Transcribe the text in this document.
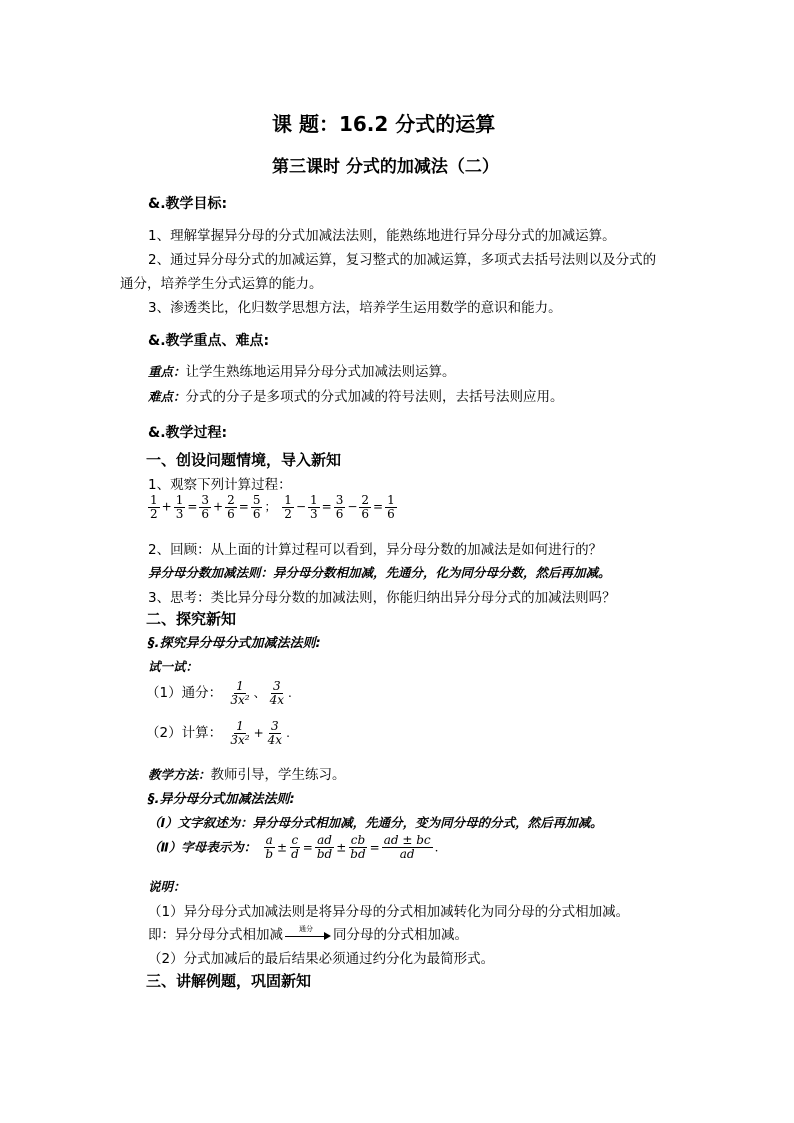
课 题：16.2 分式的运算
第三课时 分式的加减法（二）
&.教学目标:
1、理解掌握异分母的分式加减法法则，能熟练地进行异分母分式的加减运算。
2、通过异分母分式的加减运算，复习整式的加减运算，多项式去括号法则以及分式的
通分，培养学生分式运算的能力。
3、渗透类比，化归数学思想方法，培养学生运用数学的意识和能力。
&.教学重点、难点:
重点：让学生熟练地运用异分母分式加减法则运算。
难点：分式的分子是多项式的分式加减的符号法则，去括号法则应用。
&.教学过程:
一、创设问题情境，导入新知
1、观察下列计算过程：
$\frac{1}{2} + \frac{1}{3} = \frac{3}{6} + \frac{2}{6} = \frac{5}{6}$ ； $\frac{1}{2} - \frac{1}{3} = \frac{3}{6} - \frac{2}{6} = \frac{1}{6}$
2、回顾：从上面的计算过程可以看到，异分母分数的加减法是如何进行的？
异分母分数加减法则：异分母分数相加减，先通分，化为同分母分数，然后再加减。
3、思考：类比异分母分数的加减法则，你能归纳出异分母分式的加减法则吗？
二、探究新知
§.探究异分母分式加减法法则:
试一试：
（1）通分： $\frac{1}{\text{3x²}}$ 、 $\frac{3}{4x}$ .
（2）计算： $\frac{1}{\text{3x²}} + \frac{3}{4x}$ .
教学方法：教师引导，学生练习。
§.异分母分式加减法法则:
（Ⅰ）文字叙述为：异分母分式相加减，先通分，变为同分母的分式，然后再加减。
（Ⅱ）字母表示为： $\frac{a}{b} \pm \frac{c}{d} = \frac{ad}{bd} \pm \frac{cb}{bd} = \frac{ad \pm bc}{ad}$ .
说明：
（1）异分母分式加减法则是将异分母的分式相加减转化为同分母的分式相加减。
即：异分母分式相加减 通分 同分母的分式相加减。
（2）分式加减后的最后结果必须通过约分化为最简形式。
三、讲解例题，巩固新知
